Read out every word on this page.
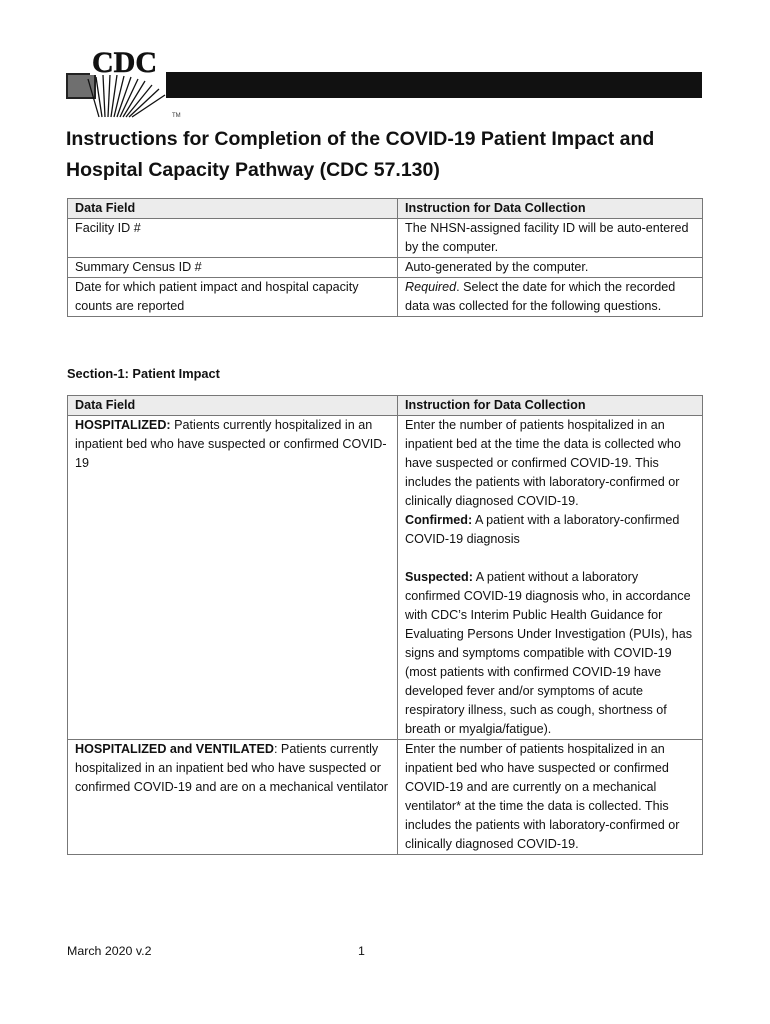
CDC
TM
Instructions for Completion of the COVID-19 Patient Impact and Hospital Capacity Pathway (CDC 57.130)
Data Field	Instruction for Data Collection
Facility ID #	The NHSN-assigned facility ID will be auto-entered by the computer.
Summary Census ID #	Auto-generated by the computer.
Date for which patient impact and hospital capacity counts are reported	Required. Select the date for which the recorded data was collected for the following questions.
Section-1: Patient Impact
Data Field	Instruction for Data Collection
HOSPITALIZED: Patients currently hospitalized in an inpatient bed who have suspected or confirmed COVID-19	Enter the number of patients hospitalized in an inpatient bed at the time the data is collected who have suspected or confirmed COVID-19. This includes the patients with laboratory-confirmed or clinically diagnosed COVID-19.
Confirmed: A patient with a laboratory-confirmed COVID-19 diagnosis
Suspected: A patient without a laboratory confirmed COVID-19 diagnosis who, in accordance with CDC’s Interim Public Health Guidance for Evaluating Persons Under Investigation (PUIs), has signs and symptoms compatible with COVID-19 (most patients with confirmed COVID-19 have developed fever and/or symptoms of acute respiratory illness, such as cough, shortness of breath or myalgia/fatigue).

HOSPITALIZED and VENTILATED: Patients currently hospitalized in an inpatient bed who have suspected or confirmed COVID-19 and are on a mechanical ventilator	Enter the number of patients hospitalized in an inpatient bed who have suspected or confirmed COVID-19 and are currently on a mechanical ventilator* at the time the data is collected. This includes the patients with laboratory-confirmed or clinically diagnosed COVID-19.
March 2020 v.2	1
